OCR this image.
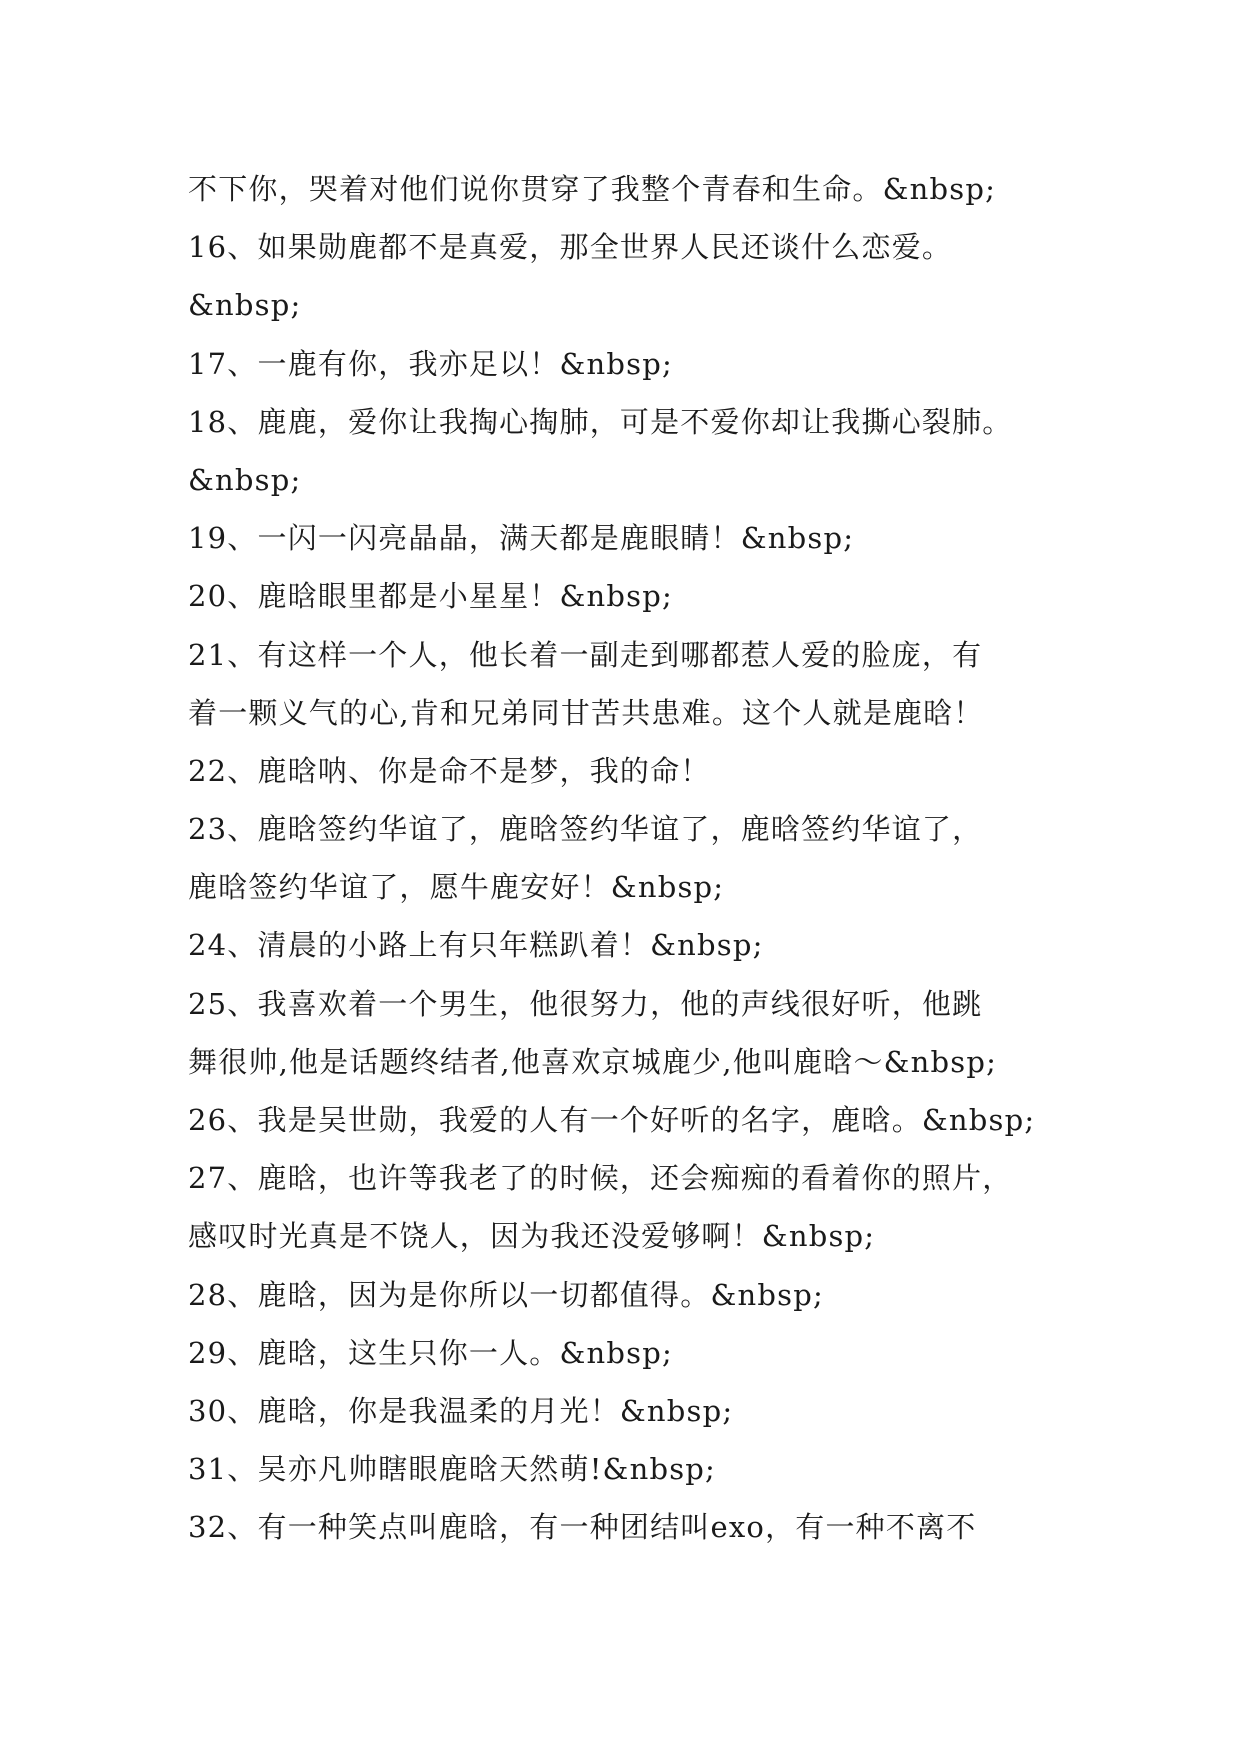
不下你，哭着对他们说你贯穿了我整个青春和生命。&nbsp;
16、如果勋鹿都不是真爱，那全世界人民还谈什么恋爱。
&nbsp;
17、一鹿有你，我亦足以！&nbsp;
18、鹿鹿，爱你让我掏心掏肺，可是不爱你却让我撕心裂肺。
&nbsp;
19、一闪一闪亮晶晶，满天都是鹿眼睛！&nbsp;
20、鹿晗眼里都是小星星！&nbsp;
21、有这样一个人，他长着一副走到哪都惹人爱的脸庞，有
着一颗义气的心,肯和兄弟同甘苦共患难。这个人就是鹿晗！
22、鹿晗呐、你是命不是梦，我的命！
23、鹿晗签约华谊了，鹿晗签约华谊了，鹿晗签约华谊了，
鹿晗签约华谊了，愿牛鹿安好！&nbsp;
24、清晨的小路上有只年糕趴着！&nbsp;
25、我喜欢着一个男生，他很努力，他的声线很好听，他跳
舞很帅,他是话题终结者,他喜欢京城鹿少,他叫鹿晗～&nbsp;
26、我是吴世勋，我爱的人有一个好听的名字，鹿晗。&nbsp;
27、鹿晗，也许等我老了的时候，还会痴痴的看着你的照片，
感叹时光真是不饶人，因为我还没爱够啊！&nbsp;
28、鹿晗，因为是你所以一切都值得。&nbsp;
29、鹿晗，这生只你一人。&nbsp;
30、鹿晗，你是我温柔的月光！&nbsp;
31、吴亦凡帅瞎眼鹿晗天然萌!&nbsp;
32、有一种笑点叫鹿晗，有一种团结叫exo，有一种不离不
